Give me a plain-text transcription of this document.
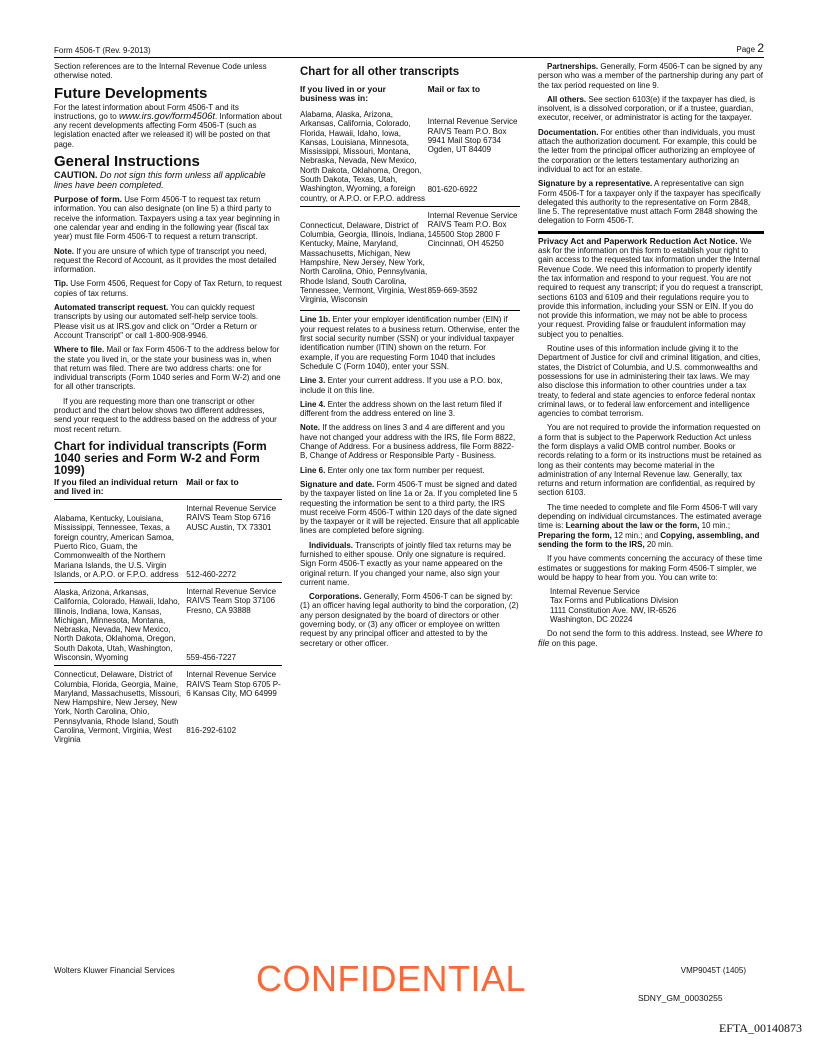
Form 4506-T (Rev. 9-2013)	Page 2

Section references are to the Internal Revenue Code unless otherwise noted.

Future Developments

For the latest information about Form 4506-T and its instructions, go to www.irs.gov/form4506t. Information about any recent developments affecting Form 4506-T (such as legislation enacted after we released it) will be posted on that page.

General Instructions

CAUTION. Do not sign this form unless all applicable lines have been completed.

Purpose of form. Use Form 4506-T to request tax return information. You can also designate (on line 5) a third party to receive the information. Taxpayers using a tax year beginning in one calendar year and ending in the following year (fiscal tax year) must file Form 4506-T to request a return transcript.

Note. If you are unsure of which type of transcript you need, request the Record of Account, as it provides the most detailed information.

Tip. Use Form 4506, Request for Copy of Tax Return, to request copies of tax returns.

Automated transcript request. You can quickly request transcripts by using our automated self-help service tools. Please visit us at IRS.gov and click on "Order a Return or Account Transcript" or call 1-800-908-9946.

Where to file. Mail or fax Form 4506-T to the address below for the state you lived in, or the state your business was in, when that return was filed. There are two address charts: one for individual transcripts (Form 1040 series and Form W-2) and one for all other transcripts.

If you are requesting more than one transcript or other product and the chart below shows two different addresses, send your request to the address based on the address of your most recent return.

Chart for individual transcripts (Form 1040 series and Form W-2 and Form 1099)
If you filed an individual return and lived in:	Mail or fax to
Alabama, Kentucky, Louisiana, Mississippi, Tennessee, Texas, a foreign country, American Samoa, Puerto Rico, Guam, the Commonwealth of the Northern Mariana Islands, the U.S. Virgin Islands, or A.P.O. or F.P.O. address	Internal Revenue Service RAIVS Team Stop 6716 AUSC Austin, TX 73301
512-460-2272

Alaska, Arizona, Arkansas, California, Colorado, Hawaii, Idaho, Illinois, Indiana, Iowa, Kansas, Michigan, Minnesota, Montana, Nebraska, Nevada, New Mexico, North Dakota, Oklahoma, Oregon, South Dakota, Utah, Washington, Wisconsin, Wyoming	Internal Revenue Service RAIVS Team Stop 37106 Fresno, CA 93888
559-456-7227

Connecticut, Delaware, District of Columbia, Florida, Georgia, Maine, Maryland, Massachusetts, Missouri, New Hampshire, New Jersey, New York, North Carolina, Ohio, Pennsylvania, Rhode Island, South Carolina, Vermont, Virginia, West Virginia	Internal Revenue Service RAIVS Team Stop 6705 P-6 Kansas City, MO 64999
816-292-6102
Chart for all other transcripts
If you lived in or your business was in:	Mail or fax to
Alabama, Alaska, Arizona, Arkansas, California, Colorado, Florida, Hawaii, Idaho, Iowa, Kansas, Louisiana, Minnesota, Mississippi, Missouri, Montana, Nebraska, Nevada, New Mexico, North Dakota, Oklahoma, Oregon, South Dakota, Texas, Utah, Washington, Wyoming, a foreign country, or A.P.O. or F.P.O. address	Internal Revenue Service RAIVS Team P.O. Box 9941 Mail Stop 6734 Ogden, UT 84409
801-620-6922

Connecticut, Delaware, District of Columbia, Georgia, Illinois, Indiana, Kentucky, Maine, Maryland, Massachusetts, Michigan, New Hampshire, New Jersey, New York, North Carolina, Ohio, Pennsylvania, Rhode Island, South Carolina, Tennessee, Vermont, Virginia, West Virginia, Wisconsin	Internal Revenue Service RAIVS Team P.O. Box 145500 Stop 2800 F Cincinnati, OH 45250
859-669-3592

Line 1b. Enter your employer identification number (EIN) if your request relates to a business return. Otherwise, enter the first social security number (SSN) or your individual taxpayer identification number (ITIN) shown on the return. For example, if you are requesting Form 1040 that includes Schedule C (Form 1040), enter your SSN.

Line 3. Enter your current address. If you use a P.O. box, include it on this line.

Line 4. Enter the address shown on the last return filed if different from the address entered on line 3.

Note. If the address on lines 3 and 4 are different and you have not changed your address with the IRS, file Form 8822, Change of Address. For a business address, file Form 8822-B, Change of Address or Responsible Party - Business.

Line 6. Enter only one tax form number per request.

Signature and date. Form 4506-T must be signed and dated by the taxpayer listed on line 1a or 2a. If you completed line 5 requesting the information be sent to a third party, the IRS must receive Form 4506-T within 120 days of the date signed by the taxpayer or it will be rejected. Ensure that all applicable lines are completed before signing.

Individuals. Transcripts of jointly filed tax returns may be furnished to either spouse. Only one signature is required. Sign Form 4506-T exactly as your name appeared on the original return. If you changed your name, also sign your current name.

Corporations. Generally, Form 4506-T can be signed by: (1) an officer having legal authority to bind the corporation, (2) any person designated by the board of directors or other governing body, or (3) any officer or employee on written request by any principal officer and attested to by the secretary or other officer.

Partnerships. Generally, Form 4506-T can be signed by any person who was a member of the partnership during any part of the tax period requested on line 9.

All others. See section 6103(e) if the taxpayer has died, is insolvent, is a dissolved corporation, or if a trustee, guardian, executor, receiver, or administrator is acting for the taxpayer.

Documentation. For entities other than individuals, you must attach the authorization document. For example, this could be the letter from the principal officer authorizing an employee of the corporation or the letters testamentary authorizing an individual to act for an estate.

Signature by a representative. A representative can sign Form 4506-T for a taxpayer only if the taxpayer has specifically delegated this authority to the representative on Form 2848, line 5. The representative must attach Form 2848 showing the delegation to Form 4506-T.

Privacy Act and Paperwork Reduction Act Notice. We ask for the information on this form to establish your right to gain access to the requested tax information under the Internal Revenue Code. We need this information to properly identify the tax information and respond to your request. You are not required to request any transcript; if you do request a transcript, sections 6103 and 6109 and their regulations require you to provide this information, including your SSN or EIN. If you do not provide this information, we may not be able to process your request. Providing false or fraudulent information may subject you to penalties.

Routine uses of this information include giving it to the Department of Justice for civil and criminal litigation, and cities, states, the District of Columbia, and U.S. commonwealths and possessions for use in administering their tax laws. We may also disclose this information to other countries under a tax treaty, to federal and state agencies to enforce federal nontax criminal laws, or to federal law enforcement and intelligence agencies to combat terrorism.

You are not required to provide the information requested on a form that is subject to the Paperwork Reduction Act unless the form displays a valid OMB control number. Books or records relating to a form or its instructions must be retained as long as their contents may become material in the administration of any Internal Revenue law. Generally, tax returns and return information are confidential, as required by section 6103.

The time needed to complete and file Form 4506-T will vary depending on individual circumstances. The estimated average time is: Learning about the law or the form, 10 min.; Preparing the form, 12 min.; and Copying, assembling, and sending the form to the IRS, 20 min.

If you have comments concerning the accuracy of these time estimates or suggestions for making Form 4506-T simpler, we would be happy to hear from you. You can write to:

Internal Revenue Service
Tax Forms and Publications Division
1111 Constitution Ave. NW, IR-6526
Washington, DC 20224

Do not send the form to this address. Instead, see Where to file on this page.

Wolters Kluwer Financial Services	VMP9045T (1405)
CONFIDENTIAL	SDNY_GM_00030255
EFTA_00140873
